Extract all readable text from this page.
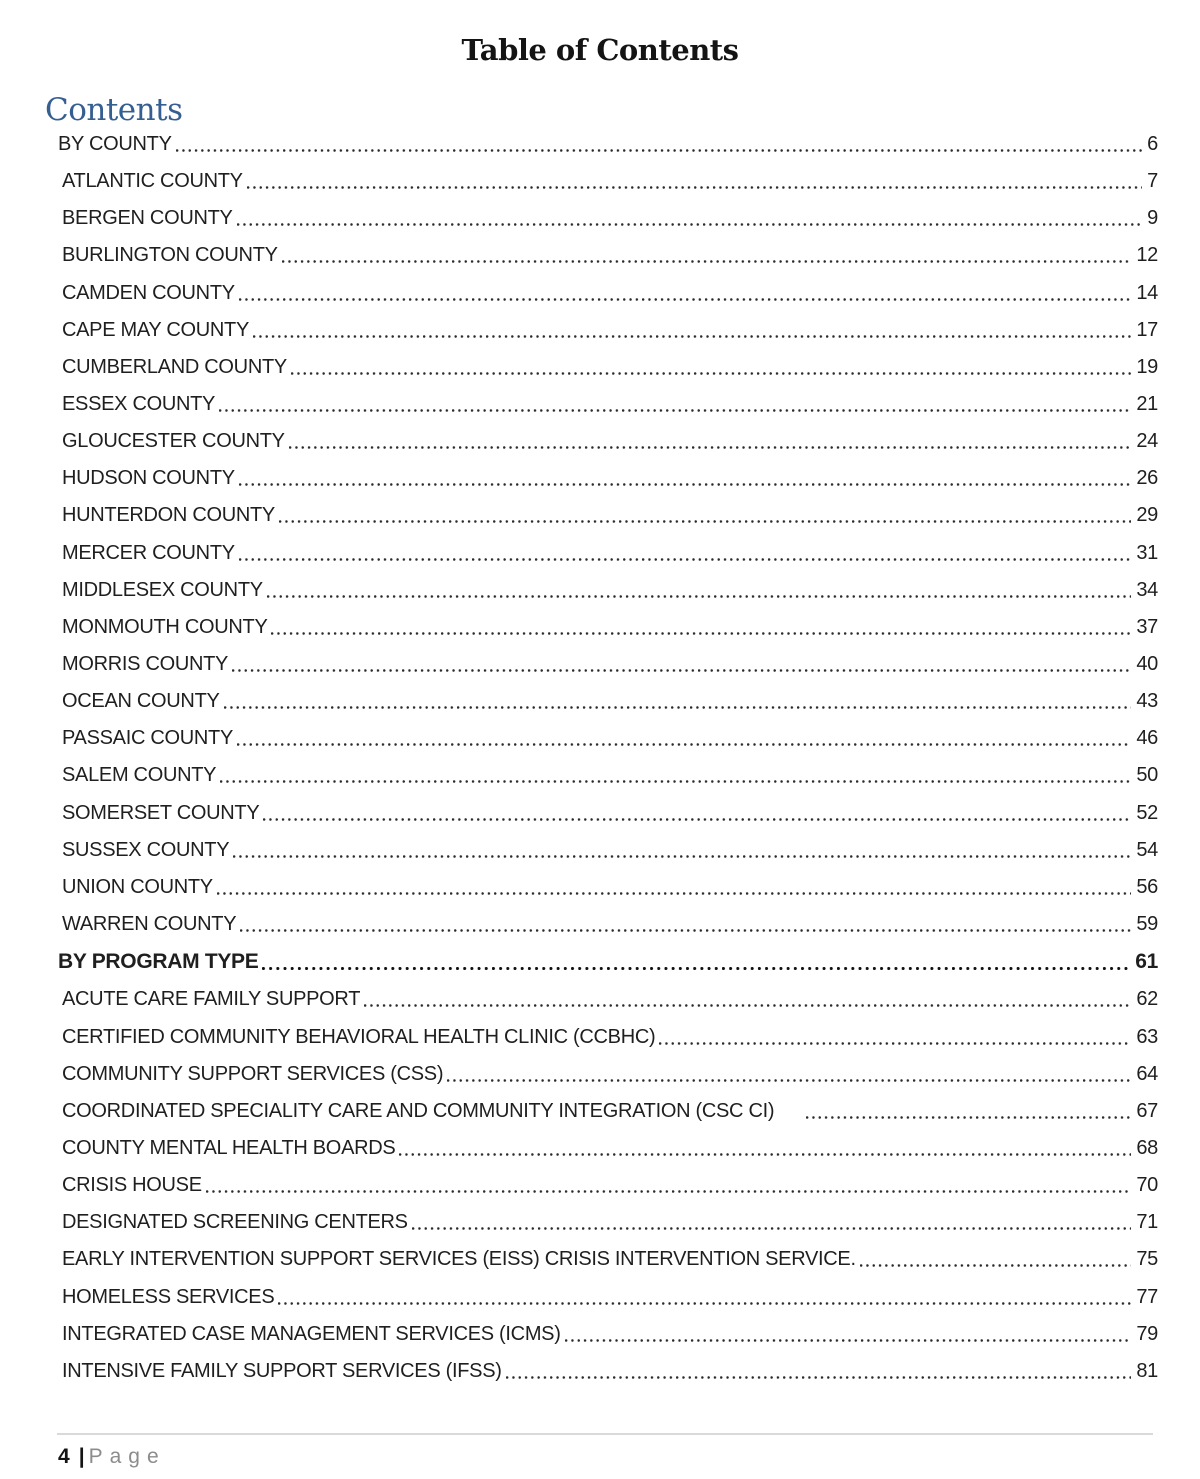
Table of Contents
Contents
BY COUNTY	6
ATLANTIC COUNTY	7
BERGEN COUNTY	9
BURLINGTON COUNTY	12
CAMDEN COUNTY	14
CAPE MAY COUNTY	17
CUMBERLAND COUNTY	19
ESSEX COUNTY	21
GLOUCESTER COUNTY	24
HUDSON COUNTY	26
HUNTERDON COUNTY	29
MERCER COUNTY	31
MIDDLESEX COUNTY	34
MONMOUTH COUNTY	37
MORRIS COUNTY	40
OCEAN COUNTY	43
PASSAIC COUNTY	46
SALEM COUNTY	50
SOMERSET COUNTY	52
SUSSEX COUNTY	54
UNION COUNTY	56
WARREN COUNTY	59
BY PROGRAM TYPE	61
ACUTE CARE FAMILY SUPPORT	62
CERTIFIED COMMUNITY BEHAVIORAL HEALTH CLINIC (CCBHC)	63
COMMUNITY SUPPORT SERVICES (CSS)	64
COORDINATED SPECIALITY CARE AND COMMUNITY INTEGRATION (CSC CI)	67
COUNTY MENTAL HEALTH BOARDS	68
CRISIS HOUSE	70
DESIGNATED SCREENING CENTERS	71
EARLY INTERVENTION SUPPORT SERVICES (EISS) CRISIS INTERVENTION SERVICE.	75
HOMELESS SERVICES	77
INTEGRATED CASE MANAGEMENT SERVICES (ICMS)	79
INTENSIVE FAMILY SUPPORT SERVICES (IFSS)	81
4 | Page
